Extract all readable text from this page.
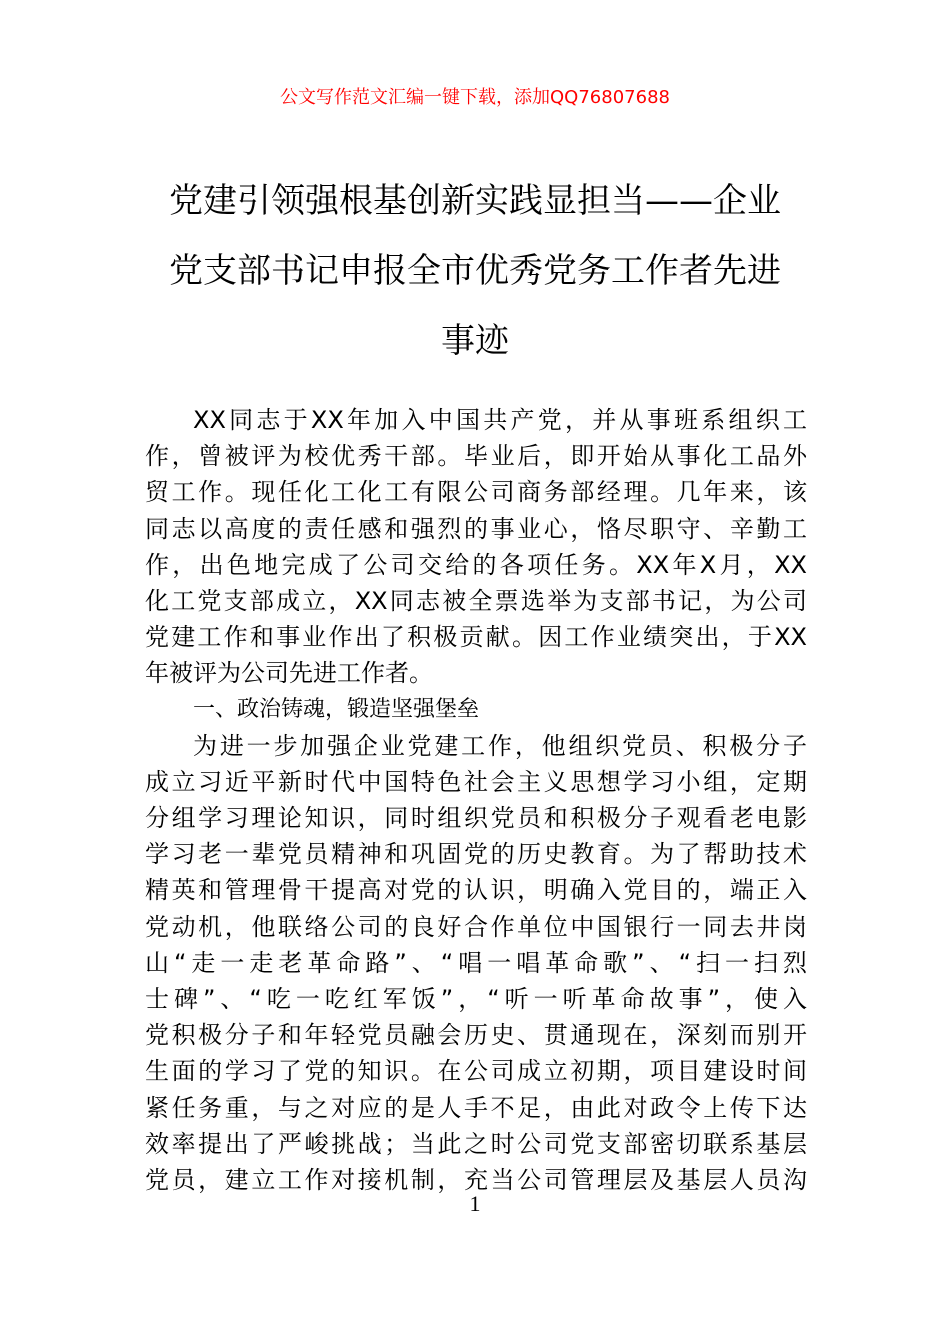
公文写作范文汇编一键下载，添加QQ76807688
党建引领强根基创新实践显担当——企业
党支部书记申报全市优秀党务工作者先进
事迹
XX同志于XX年加入中国共产党，并从事班系组织工
作，曾被评为校优秀干部。毕业后，即开始从事化工品外
贸工作。现任化工化工有限公司商务部经理。几年来，该
同志以高度的责任感和强烈的事业心，恪尽职守、辛勤工
作，出色地完成了公司交给的各项任务。XX年X月，XX
化工党支部成立，XX同志被全票选举为支部书记，为公司
党建工作和事业作出了积极贡献。因工作业绩突出，于XX
年被评为公司先进工作者。
一、政治铸魂，锻造坚强堡垒
为进一步加强企业党建工作，他组织党员、积极分子
成立习近平新时代中国特色社会主义思想学习小组，定期
分组学习理论知识，同时组织党员和积极分子观看老电影
学习老一辈党员精神和巩固党的历史教育。为了帮助技术
精英和管理骨干提高对党的认识，明确入党目的，端正入
党动机，他联络公司的良好合作单位中国银行一同去井岗
山“走一走老革命路”、“唱一唱革命歌”、“扫一扫烈
士碑”、“吃一吃红军饭”，“听一听革命故事”，使入
党积极分子和年轻党员融会历史、贯通现在，深刻而别开
生面的学习了党的知识。在公司成立初期，项目建设时间
紧任务重，与之对应的是人手不足，由此对政令上传下达
效率提出了严峻挑战；当此之时公司党支部密切联系基层
党员，建立工作对接机制，充当公司管理层及基层人员沟
1
